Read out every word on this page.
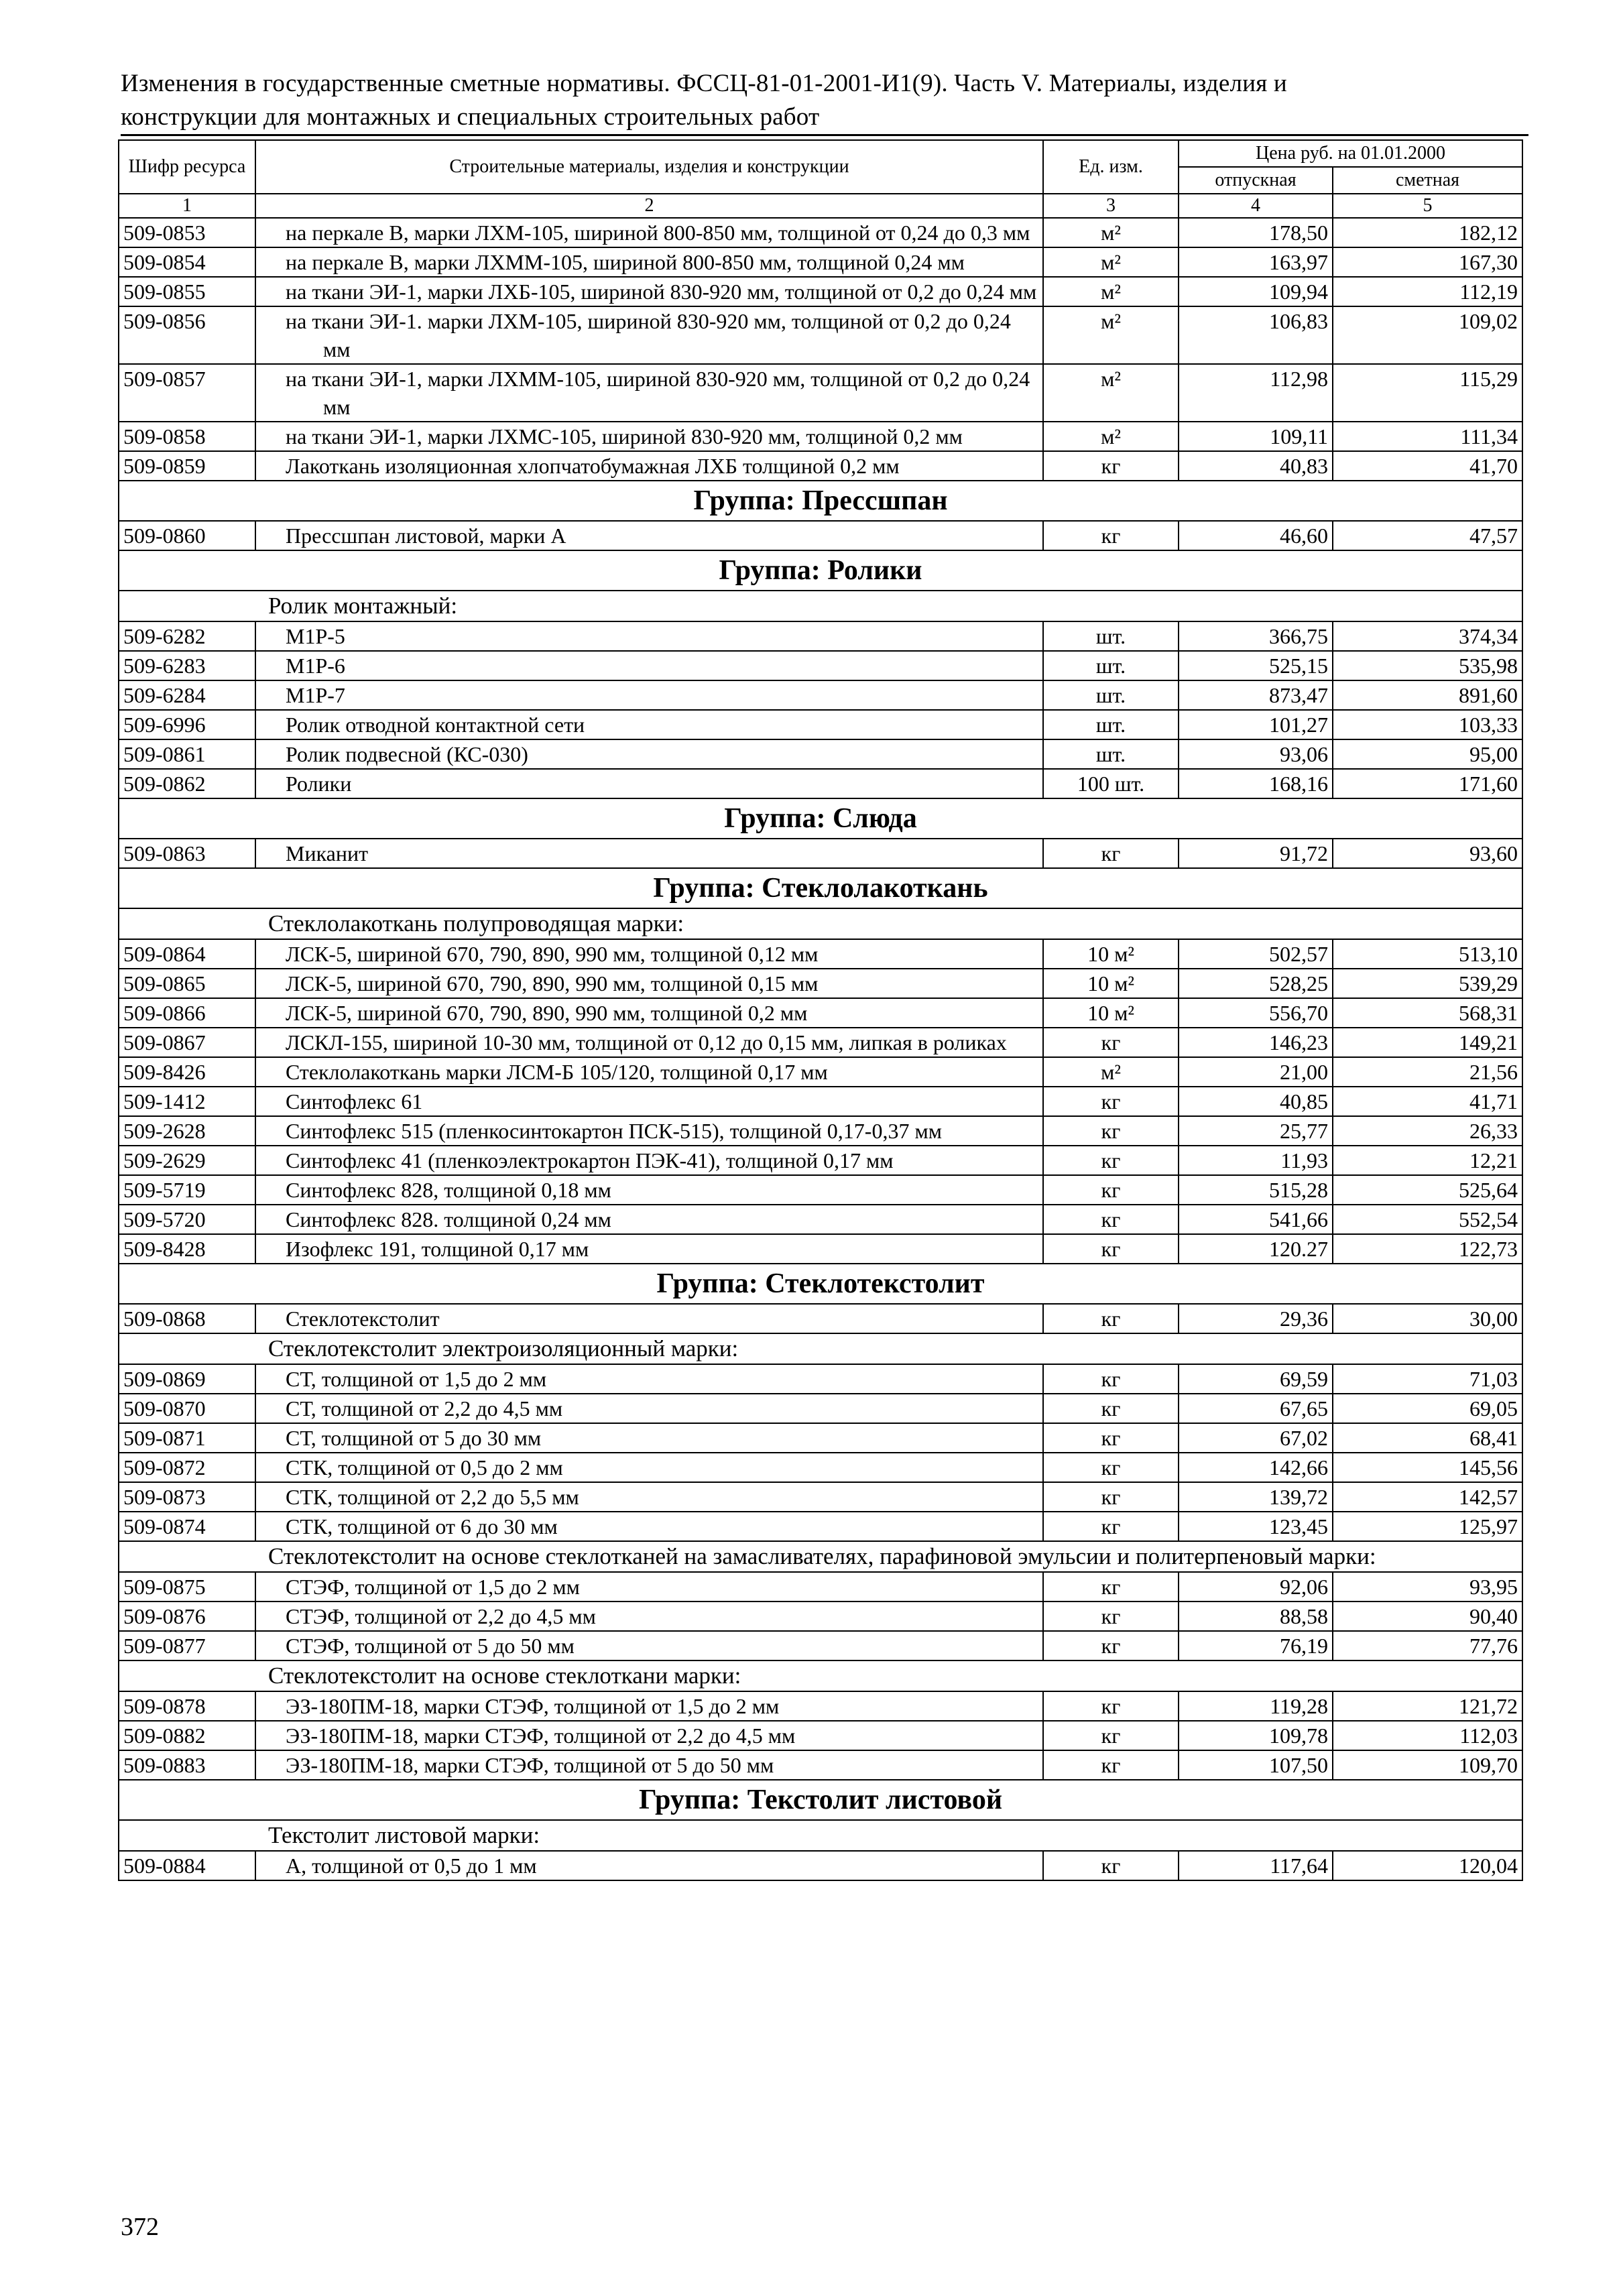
Изменения в государственные сметные нормативы. ФССЦ-81-01-2001-И1(9). Часть V. Материалы, изделия и
конструкции для монтажных и специальных строительных работ
Шифр ресурса	Строительные материалы, изделия и конструкции	Ед. изм.	Цена руб. на 01.01.2000	
			отпускная	сметная
1	2	3	4	5
509-0853	на перкале В, марки ЛХМ-105, шириной 800-850 мм, толщиной от 0,24 до 0,3 мм	м²	178,50	182,12
509-0854	на перкале В, марки ЛХММ-105, шириной 800-850 мм, толщиной 0,24 мм	м²	163,97	167,30
509-0855	на ткани ЭИ-1, марки ЛХБ-105, шириной 830-920 мм, толщиной от 0,2 до 0,24 мм	м²	109,94	112,19
509-0856	на ткани ЭИ-1. марки ЛХМ-105, шириной 830-920 мм, толщиной от 0,2 до 0,24 мм	м²	106,83	109,02
509-0857	на ткани ЭИ-1, марки ЛХММ-105, шириной 830-920 мм, толщиной от 0,2 до 0,24 мм	м²	112,98	115,29
509-0858	на ткани ЭИ-1, марки ЛХМС-105, шириной 830-920 мм, толщиной 0,2 мм	м²	109,11	111,34
509-0859	Лакоткань изоляционная хлопчатобумажная ЛХБ толщиной 0,2 мм	кг	40,83	41,70
Группа: Прессшпан				
509-0860	Прессшпан листовой, марки А	кг	46,60	47,57
Группа: Ролики				
Ролик монтажный:				
509-6282	М1Р-5	шт.	366,75	374,34
509-6283	М1Р-6	шт.	525,15	535,98
509-6284	М1Р-7	шт.	873,47	891,60
509-6996	Ролик отводной контактной сети	шт.	101,27	103,33
509-0861	Ролик подвесной (КС-030)	шт.	93,06	95,00
509-0862	Ролики	100 шт.	168,16	171,60
Группа: Слюда				
509-0863	Миканит	кг	91,72	93,60
Группа: Стеклолакоткань				
Стеклолакоткань полупроводящая марки:				
509-0864	ЛСК-5, шириной 670, 790, 890, 990 мм, толщиной 0,12 мм	10 м²	502,57	513,10
509-0865	ЛСК-5, шириной 670, 790, 890, 990 мм, толщиной 0,15 мм	10 м²	528,25	539,29
509-0866	ЛСК-5, шириной 670, 790, 890, 990 мм, толщиной 0,2 мм	10 м²	556,70	568,31
509-0867	ЛСКЛ-155, шириной 10-30 мм, толщиной от 0,12 до 0,15 мм, липкая в роликах	кг	146,23	149,21
509-8426	Стеклолакоткань марки ЛСМ-Б 105/120, толщиной 0,17 мм	м²	21,00	21,56
509-1412	Синтофлекс 61	кг	40,85	41,71
509-2628	Синтофлекс 515 (пленкосинтокартон ПСК-515), толщиной 0,17-0,37 мм	кг	25,77	26,33
509-2629	Синтофлекс 41 (пленкоэлектрокартон ПЭК-41), толщиной 0,17 мм	кг	11,93	12,21
509-5719	Синтофлекс 828, толщиной 0,18 мм	кг	515,28	525,64
509-5720	Синтофлекс 828. толщиной 0,24 мм	кг	541,66	552,54
509-8428	Изофлекс 191, толщиной 0,17 мм	кг	120.27	122,73
Группа: Стеклотекстолит				
509-0868	Стеклотекстолит	кг	29,36	30,00
Стеклотекстолит электроизоляционный марки:				
509-0869	СТ, толщиной от 1,5 до 2 мм	кг	69,59	71,03
509-0870	СТ, толщиной от 2,2 до 4,5 мм	кг	67,65	69,05
509-0871	СТ, толщиной от 5 до 30 мм	кг	67,02	68,41
509-0872	СТК, толщиной от 0,5 до 2 мм	кг	142,66	145,56
509-0873	СТК, толщиной от 2,2 до 5,5 мм	кг	139,72	142,57
509-0874	СТК, толщиной от 6 до 30 мм	кг	123,45	125,97
Стеклотекстолит на основе стеклотканей на замасливателях, парафиновой эмульсии и политерпеновый марки:				
509-0875	СТЭФ, толщиной от 1,5 до 2 мм	кг	92,06	93,95
509-0876	СТЭФ, толщиной от 2,2 до 4,5 мм	кг	88,58	90,40
509-0877	СТЭФ, толщиной от 5 до 50 мм	кг	76,19	77,76
Стеклотекстолит на основе стеклоткани марки:				
509-0878	ЭЗ-180ПМ-18, марки СТЭФ, толщиной от 1,5 до 2 мм	кг	119,28	121,72
509-0882	ЭЗ-180ПМ-18, марки СТЭФ, толщиной от 2,2 до 4,5 мм	кг	109,78	112,03
509-0883	ЭЗ-180ПМ-18, марки СТЭФ, толщиной от 5 до 50 мм	кг	107,50	109,70
Группа: Текстолит листовой				
Текстолит листовой марки:				
509-0884	А, толщиной от 0,5 до 1 мм	кг	117,64	120,04
372
